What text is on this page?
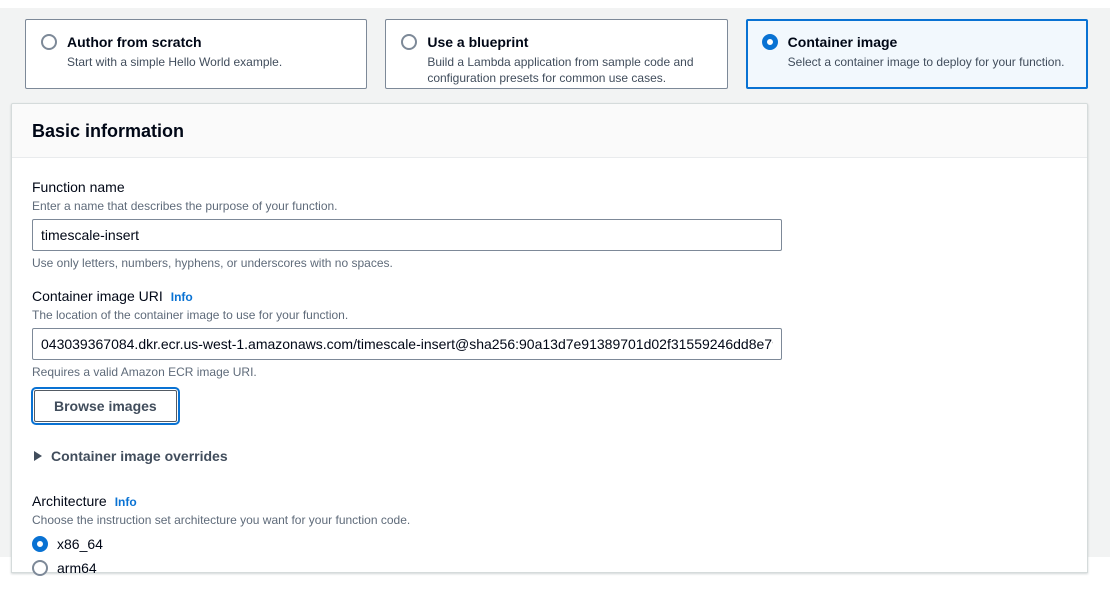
Author from scratch
Start with a simple Hello World example.
Use a blueprint
Build a Lambda application from sample code and configuration presets for common use cases.
Container image
Select a container image to deploy for your function.
Basic information
Function name
Enter a name that describes the purpose of your function.
timescale-insert
Use only letters, numbers, hyphens, or underscores with no spaces.
Container image URI Info
The location of the container image to use for your function.
043039367084.dkr.ecr.us-west-1.amazonaws.com/timescale-insert@sha256:90a13d7e91389701d02f31559246dd8e79cb767c
Requires a valid Amazon ECR image URI.
Browse images
Container image overrides
Architecture Info
Choose the instruction set architecture you want for your function code.
x86_64
arm64
